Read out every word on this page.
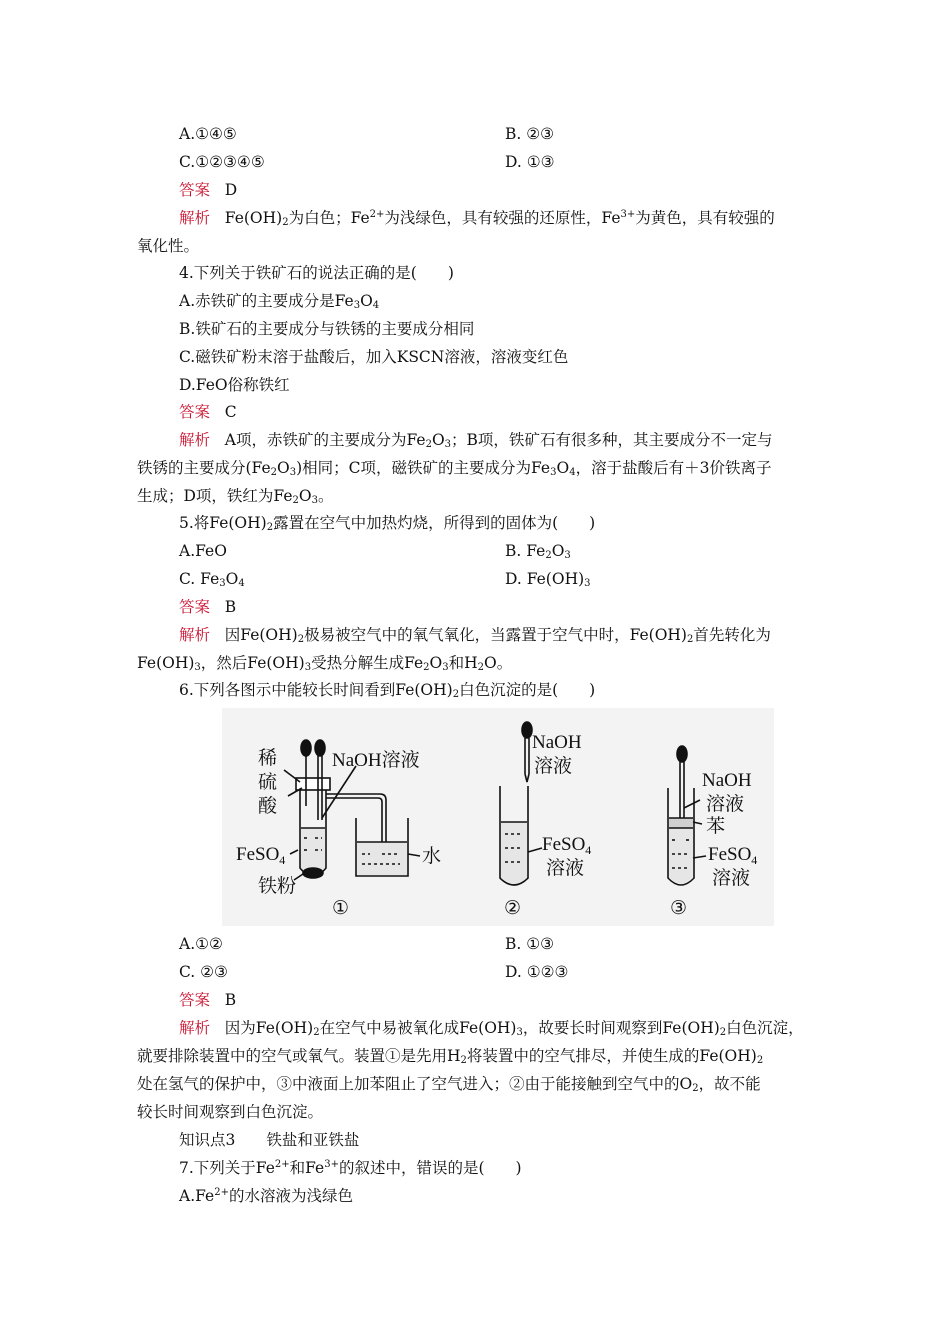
A.①④⑤	B. ②③
C.①②③④⑤	D. ①③
答案 D
解析 $Fe(OH)_2$为白色；$Fe^{2+}$为浅绿色，具有较强的还原性，$Fe^{3+}$为黄色，具有较强的
氧化性。
4.下列关于铁矿石的说法正确的是(　　)
A.赤铁矿的主要成分是$Fe_3O_4$
B.铁矿石的主要成分与铁锈的主要成分相同
C.磁铁矿粉末溶于盐酸后，加入KSCN溶液，溶液变红色
D.FeO俗称铁红
答案 C
解析 A项，赤铁矿的主要成分为$Fe_2O_3$；B项，铁矿石有很多种，其主要成分不一定与
铁锈的主要成分$(Fe_2O_3)$相同；C项，磁铁矿的主要成分为$Fe_3O_4$，溶于盐酸后有＋3价铁离子
生成；D项，铁红为$Fe_2O_3$。
5.将$Fe(OH)_2$露置在空气中加热灼烧，所得到的固体为(　　)
A.FeO	B. $Fe_2O_3$
C. $Fe_3O_4$	D. $Fe(OH)_3$
答案 B
解析 因$Fe(OH)_2$极易被空气中的氧气氧化，当露置于空气中时，$Fe(OH)_2$首先转化为
$Fe(OH)_3$，然后$Fe(OH)_3$受热分解生成$Fe_2O_3$和$H_2O$。
6.下列各图示中能较长时间看到$Fe(OH)_2$白色沉淀的是(　　)
稀
硫
酸
NaOH溶液
FeSO$_4$
铁粉
水
①
NaOH
溶液
FeSO$_4$
溶液
②
NaOH
溶液
苯
FeSO$_4$
溶液
③
A.①②	B. ①③
C. ②③	D. ①②③
答案 B
解析 因为$Fe(OH)_2$在空气中易被氧化成$Fe(OH)_3$，故要长时间观察到$Fe(OH)_2$白色沉淀，
就要排除装置中的空气或氧气。装置①是先用$H_2$将装置中的空气排尽，并使生成的$Fe(OH)_2$
处在氢气的保护中，③中液面上加苯阻止了空气进入；②由于能接触到空气中的$O_2$，故不能
较长时间观察到白色沉淀。
知识点3　　铁盐和亚铁盐
7.下列关于$Fe^{2+}$和$Fe^{3+}$的叙述中，错误的是(　　)
$A.Fe^{2+}$的水溶液为浅绿色
